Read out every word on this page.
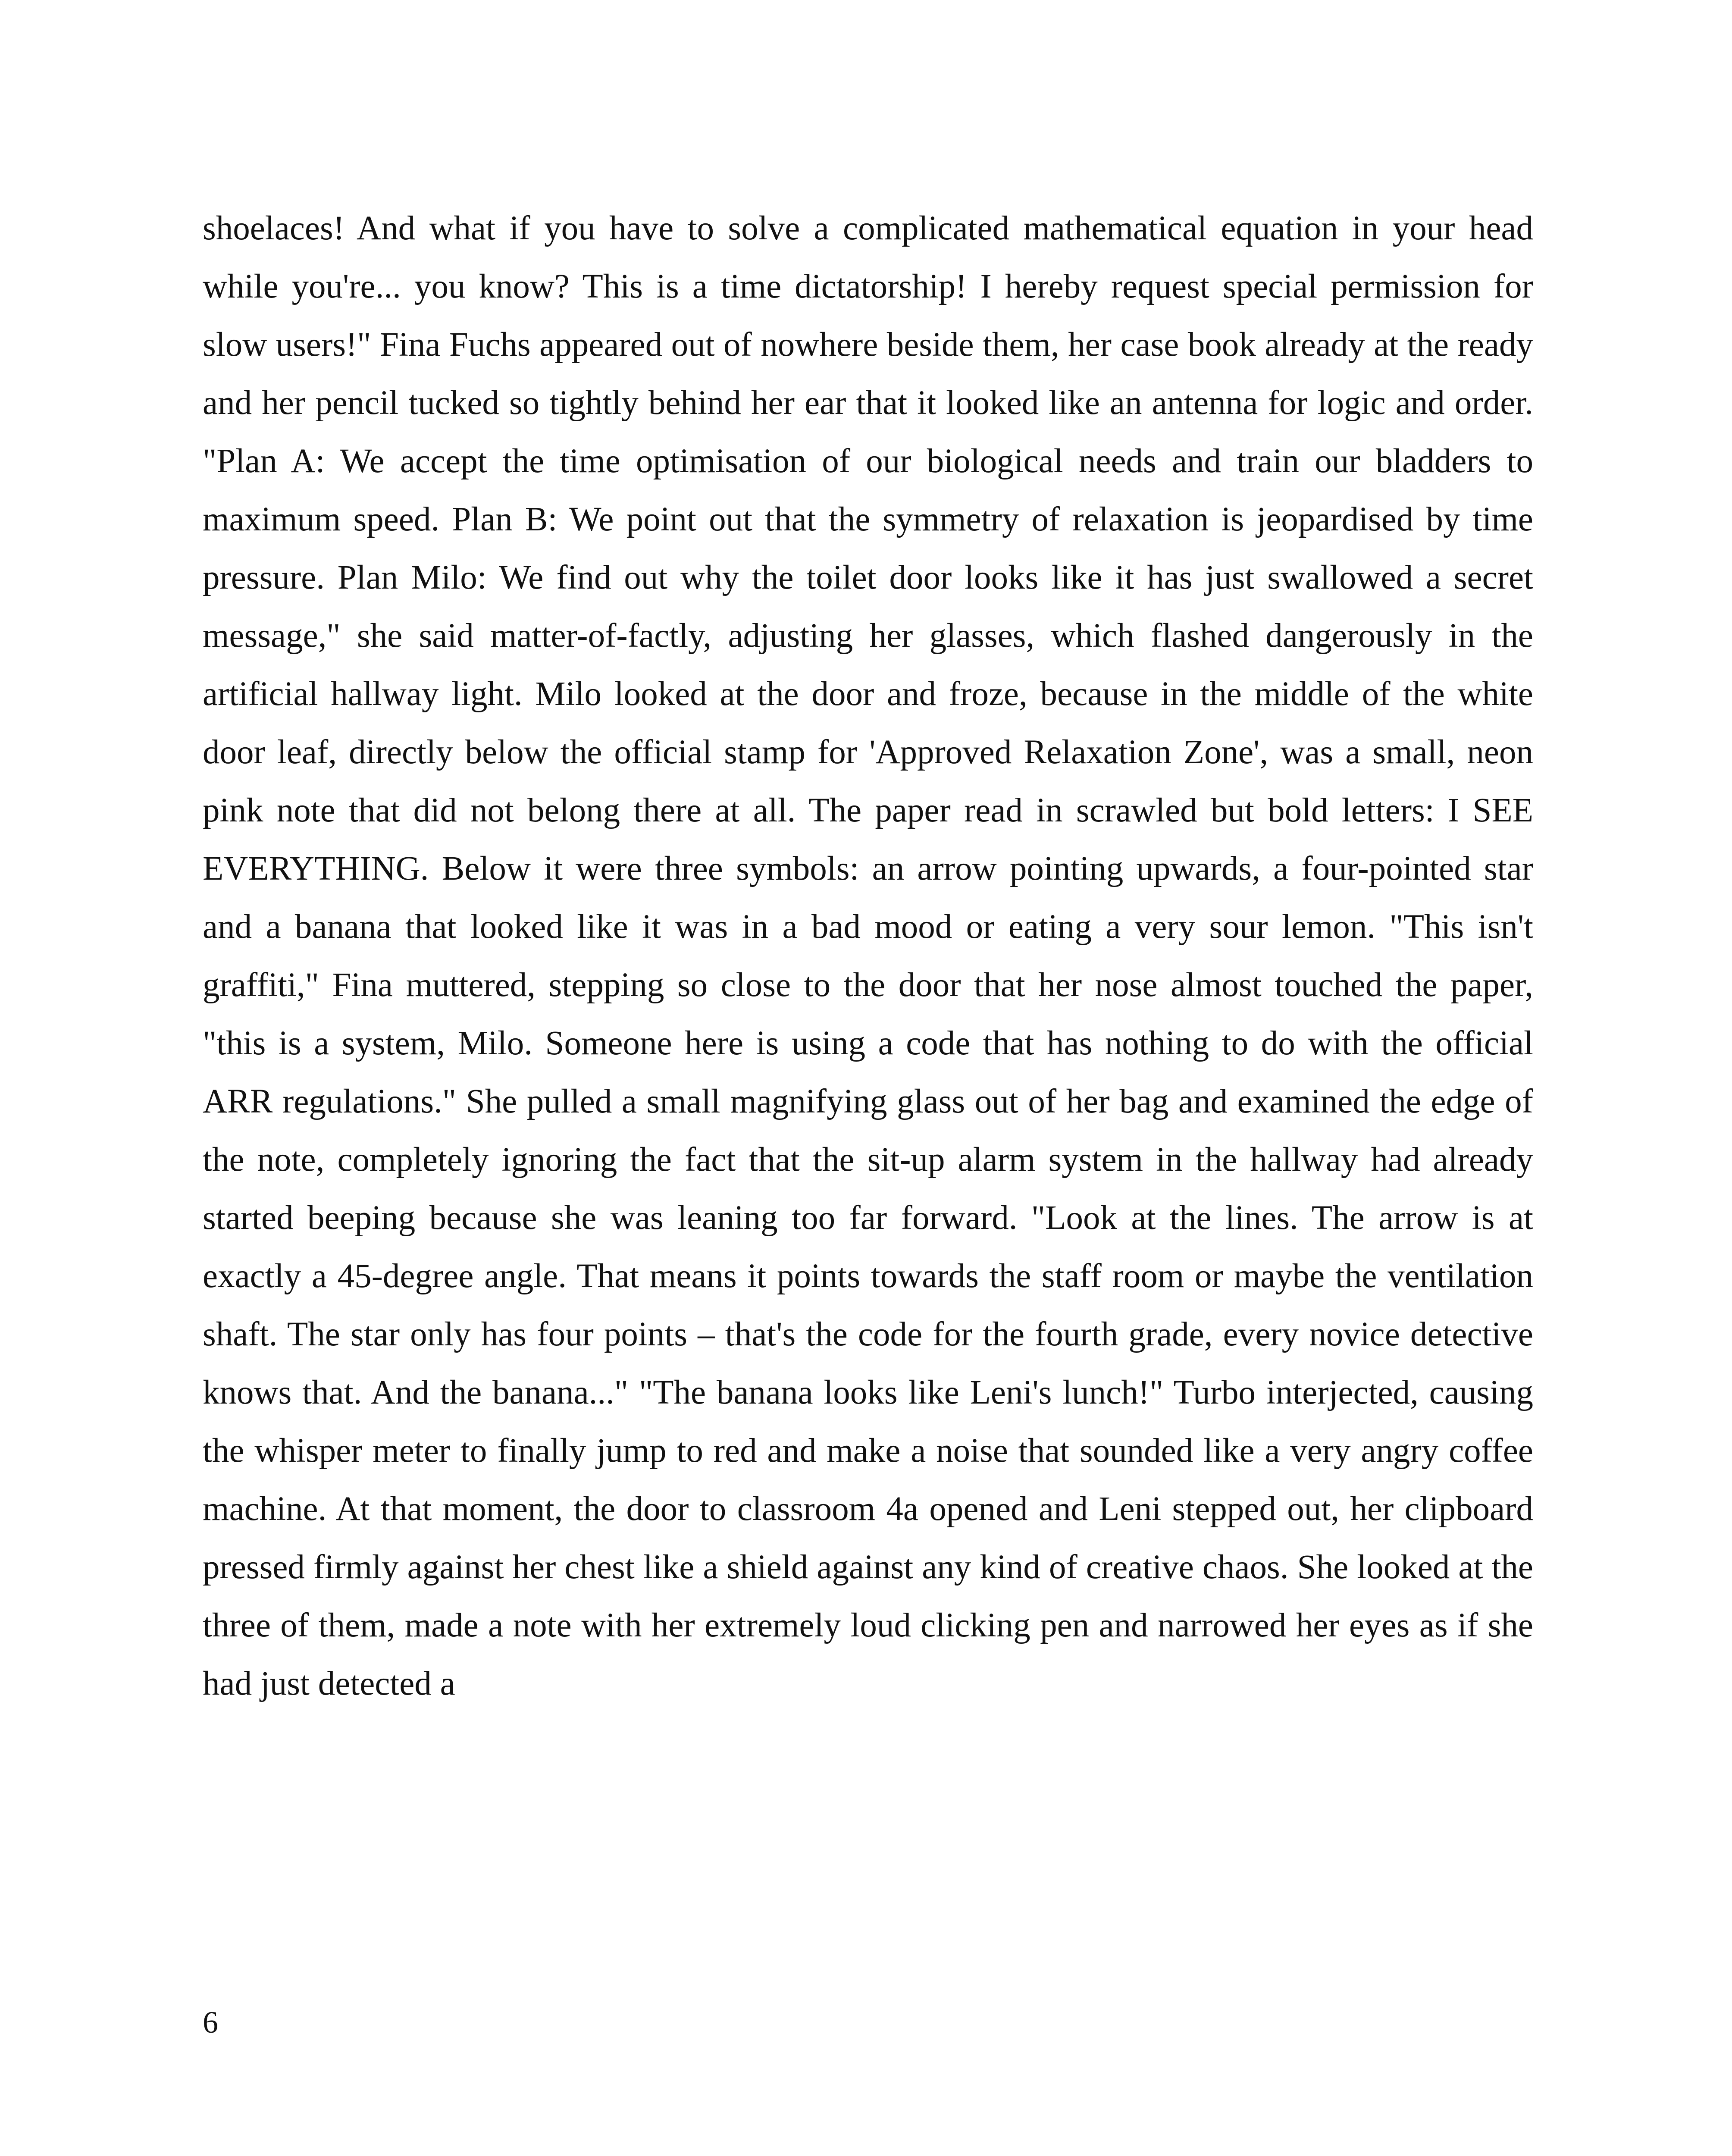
shoelaces! And what if you have to solve a complicated mathematical equation in your head while you're... you know? This is a time dictatorship! I hereby request special permission for slow users!" Fina Fuchs appeared out of nowhere beside them, her case book already at the ready and her pencil tucked so tightly behind her ear that it looked like an antenna for logic and order. "Plan A: We accept the time optimisation of our biological needs and train our bladders to maximum speed. Plan B: We point out that the symmetry of relaxation is jeopardised by time pressure. Plan Milo: We find out why the toilet door looks like it has just swallowed a secret message," she said matter-of-factly, adjusting her glasses, which flashed dangerously in the artificial hallway light. Milo looked at the door and froze, because in the middle of the white door leaf, directly below the official stamp for 'Approved Relaxation Zone', was a small, neon pink note that did not belong there at all. The paper read in scrawled but bold letters: I SEE EVERYTHING. Below it were three symbols: an arrow pointing upwards, a four-pointed star and a banana that looked like it was in a bad mood or eating a very sour lemon. "This isn't graffiti," Fina muttered, stepping so close to the door that her nose almost touched the paper, "this is a system, Milo. Someone here is using a code that has nothing to do with the official ARR regulations." She pulled a small magnifying glass out of her bag and examined the edge of the note, completely ignoring the fact that the sit-up alarm system in the hallway had already started beeping because she was leaning too far forward. "Look at the lines. The arrow is at exactly a 45-degree angle. That means it points towards the staff room or maybe the ventilation shaft. The star only has four points – that's the code for the fourth grade, every novice detective knows that. And the banana..." "The banana looks like Leni's lunch!" Turbo interjected, causing the whisper meter to finally jump to red and make a noise that sounded like a very angry coffee machine. At that moment, the door to classroom 4a opened and Leni stepped out, her clipboard pressed firmly against her chest like a shield against any kind of creative chaos. She looked at the three of them, made a note with her extremely loud clicking pen and narrowed her eyes as if she had just detected a

6
